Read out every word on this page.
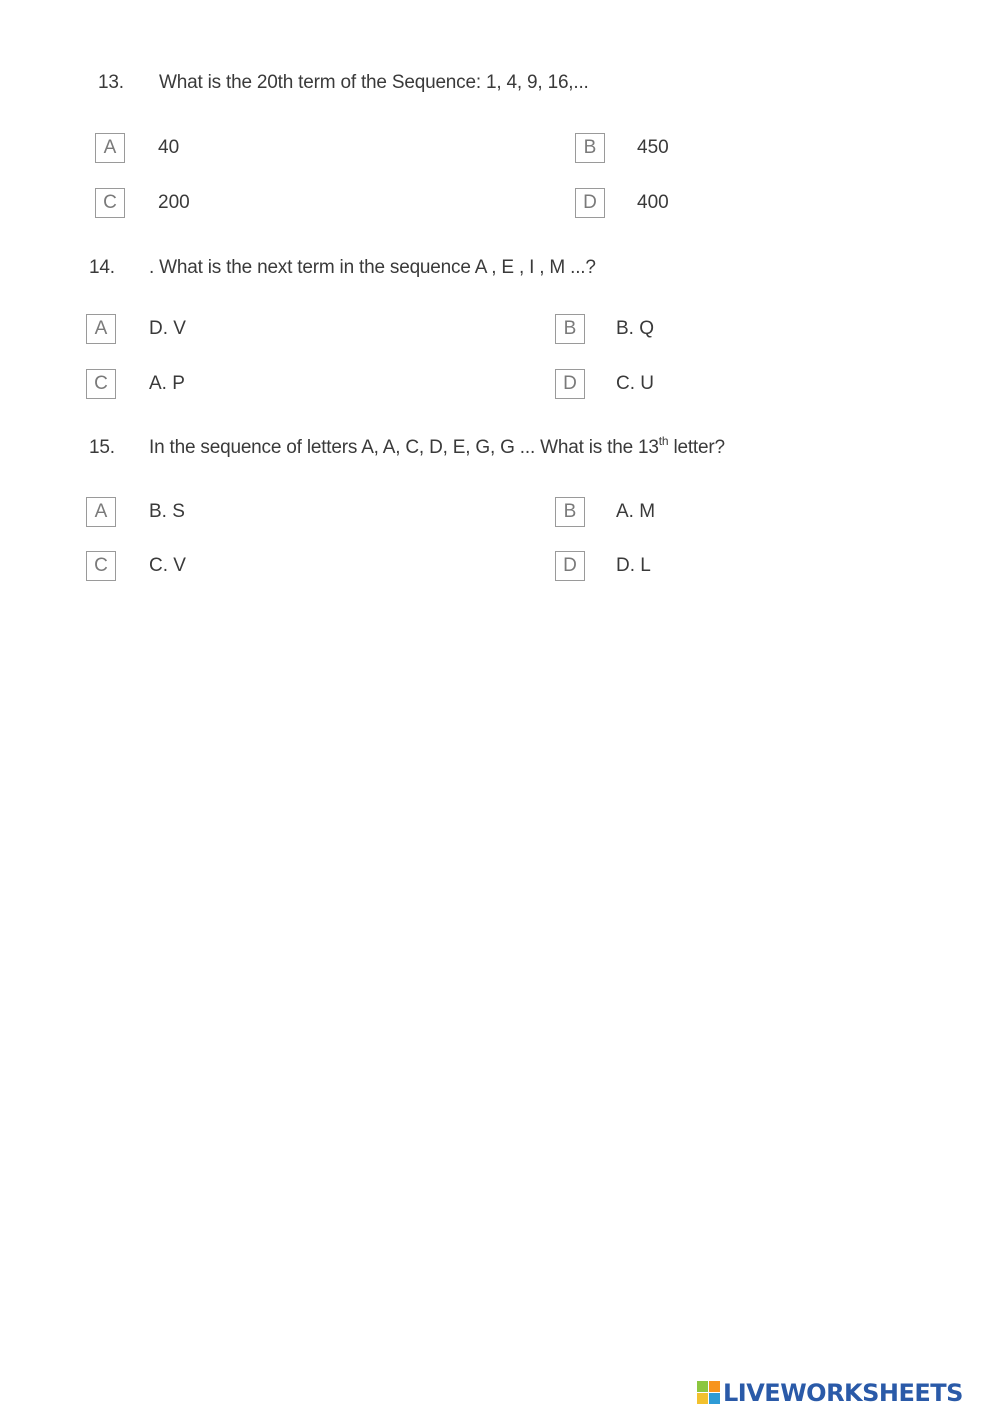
13. What is the 20th term of the Sequence: 1, 4, 9, 16,...
A	40	B	450
C	200	D	400
14. . What is the next term in the sequence A , E , I , M ...?
A	D. V	B	B. Q
C	A. P	D	C. U
15. In the sequence of letters A, A, C, D, E, G, G ... What is the 13th letter?
A	B. S	B	A. M
C	C. V	D	D. L
LIVEWORKSHEETS
